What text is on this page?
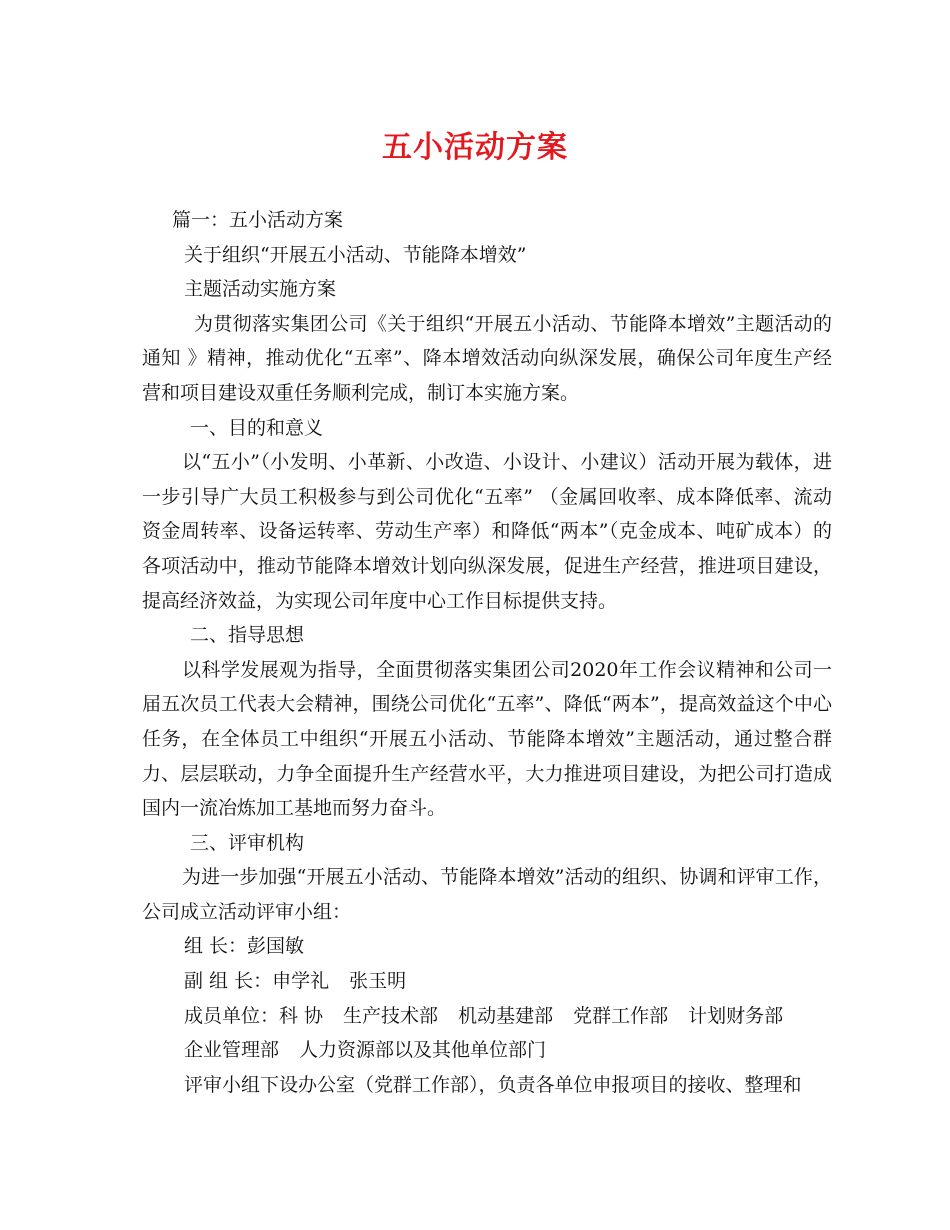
五小活动方案

篇一：五小活动方案

关于组织“开展五小活动、节能降本增效”

主题活动实施方案

为贯彻落实集团公司《关于组织“开展五小活动、节能降本增效”主题活动的通知 》精神，推动优化“五率”、降本增效活动向纵深发展，确保公司年度生产经营和项目建设双重任务顺利完成，制订本实施方案。

一、目的和意义

以“五小”（小发明、小革新、小改造、小设计、小建议）活动开展为载体，进一步引导广大员工积极参与到公司优化“五率” （金属回收率、成本降低率、流动资金周转率、设备运转率、劳动生产率）和降低“两本”（克金成本、吨矿成本）的各项活动中，推动节能降本增效计划向纵深发展，促进生产经营，推进项目建设，提高经济效益，为实现公司年度中心工作目标提供支持。

二、指导思想

以科学发展观为指导，全面贯彻落实集团公司2020年工作会议精神和公司一届五次员工代表大会精神，围绕公司优化“五率”、降低“两本”，提高效益这个中心任务，在全体员工中组织“开展五小活动、节能降本增效”主题活动，通过整合群力、层层联动，力争全面提升生产经营水平，大力推进项目建设，为把公司打造成国内一流冶炼加工基地而努力奋斗。

三、评审机构

为进一步加强“开展五小活动、节能降本增效”活动的组织、协调和评审工作，公司成立活动评审小组：

组 长：彭国敏

副 组 长：申学礼 张玉明

成员单位：科 协 生产技术部 机动基建部 党群工作部 计划财务部

企业管理部 人力资源部以及其他单位部门

评审小组下设办公室（党群工作部），负责各单位申报项目的接收、整理和
